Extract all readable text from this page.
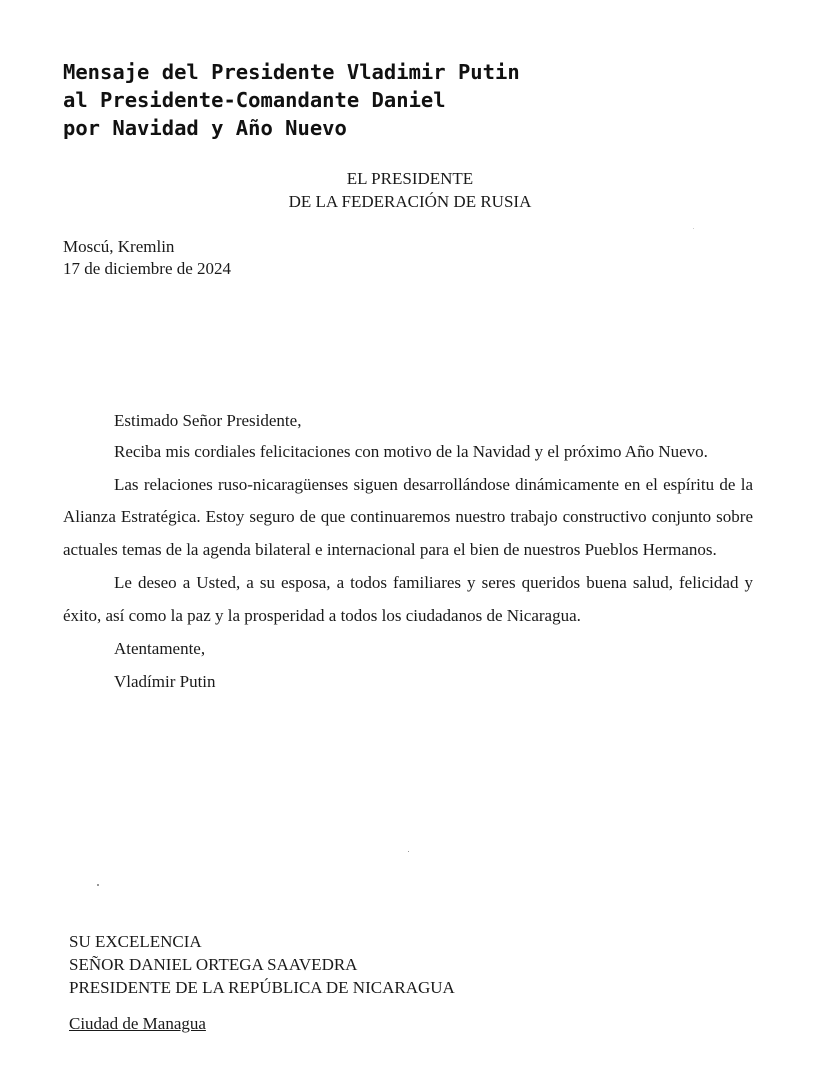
Mensaje del Presidente Vladimir Putin
al Presidente-Comandante Daniel
por Navidad y Año Nuevo
EL PRESIDENTE
DE LA FEDERACIÓN DE RUSIA
Moscú, Kremlin
17 de diciembre de 2024
Estimado Señor Presidente,

Reciba mis cordiales felicitaciones con motivo de la Navidad y el próximo Año Nuevo.

Las relaciones ruso-nicaragüenses siguen desarrollándose dinámicamente en el espíritu de la Alianza Estratégica. Estoy seguro de que continuaremos nuestro trabajo constructivo conjunto sobre actuales temas de la agenda bilateral e internacional para el bien de nuestros Pueblos Hermanos.

Le deseo a Usted, a su esposa, a todos familiares y seres queridos buena salud, felicidad y éxito, así como la paz y la prosperidad a todos los ciudadanos de Nicaragua.

Atentamente,
Vladímir Putin
SU EXCELENCIA
SEÑOR DANIEL ORTEGA SAAVEDRA
PRESIDENTE DE LA REPÚBLICA DE NICARAGUA
Ciudad de Managua
